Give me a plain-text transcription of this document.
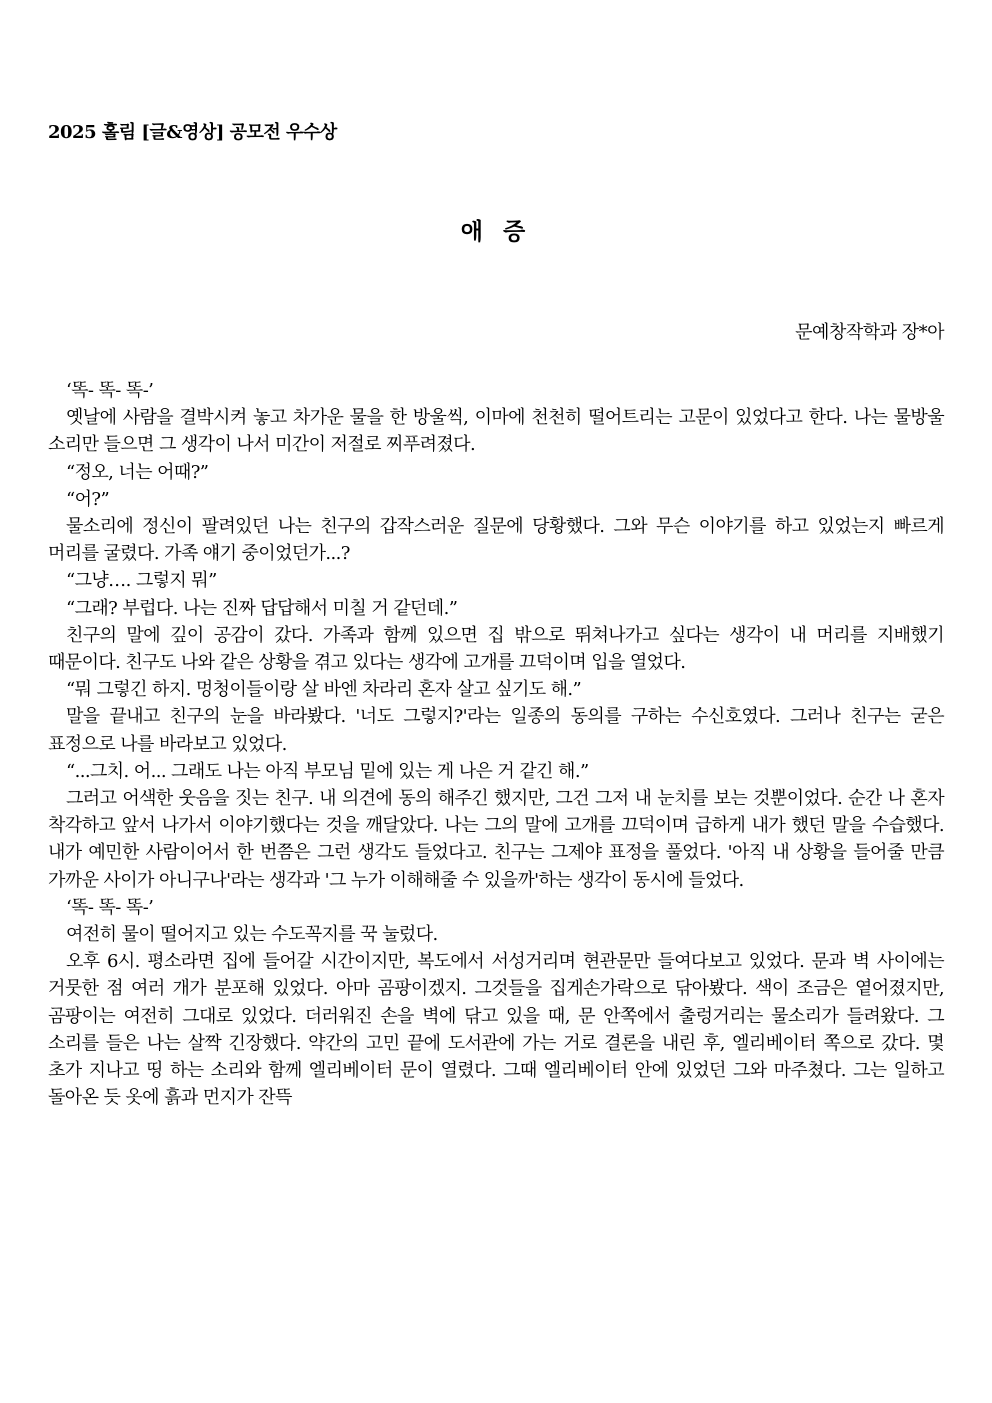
2025 홀림 [글&영상] 공모전 우수상
애 증
문예창작학과 장*아

‘똑- 똑- 똑-’

옛날에 사람을 결박시켜 놓고 차가운 물을 한 방울씩, 이마에 천천히 떨어트리는 고문이 있었다고 한다. 나는 물방울 소리만 들으면 그 생각이 나서 미간이 저절로 찌푸려졌다.

“정오, 너는 어때?”

“어?”

물소리에 정신이 팔려있던 나는 친구의 갑작스러운 질문에 당황했다. 그와 무슨 이야기를 하고 있었는지 빠르게 머리를 굴렸다. 가족 얘기 중이었던가...?

“그냥…. 그렇지 뭐”

“그래? 부럽다. 나는 진짜 답답해서 미칠 거 같던데.”

친구의 말에 깊이 공감이 갔다. 가족과 함께 있으면 집 밖으로 뛰쳐나가고 싶다는 생각이 내 머리를 지배했기 때문이다. 친구도 나와 같은 상황을 겪고 있다는 생각에 고개를 끄덕이며 입을 열었다.

“뭐 그렇긴 하지. 멍청이들이랑 살 바엔 차라리 혼자 살고 싶기도 해.”

말을 끝내고 친구의 눈을 바라봤다. '너도 그렇지?'라는 일종의 동의를 구하는 수신호였다. 그러나 친구는 굳은 표정으로 나를 바라보고 있었다.

“...그치. 어... 그래도 나는 아직 부모님 밑에 있는 게 나은 거 같긴 해.”

그러고 어색한 웃음을 짓는 친구. 내 의견에 동의 해주긴 했지만, 그건 그저 내 눈치를 보는 것뿐이었다. 순간 나 혼자 착각하고 앞서 나가서 이야기했다는 것을 깨달았다. 나는 그의 말에 고개를 끄덕이며 급하게 내가 했던 말을 수습했다. 내가 예민한 사람이어서 한 번쯤은 그런 생각도 들었다고. 친구는 그제야 표정을 풀었다. '아직 내 상황을 들어줄 만큼 가까운 사이가 아니구나'라는 생각과 '그 누가 이해해줄 수 있을까'하는 생각이 동시에 들었다.

‘똑- 똑- 똑-’

여전히 물이 떨어지고 있는 수도꼭지를 꾹 눌렀다.

오후 6시. 평소라면 집에 들어갈 시간이지만, 복도에서 서성거리며 현관문만 들여다보고 있었다. 문과 벽 사이에는 거뭇한 점 여러 개가 분포해 있었다. 아마 곰팡이겠지. 그것들을 집게손가락으로 닦아봤다. 색이 조금은 옅어졌지만, 곰팡이는 여전히 그대로 있었다. 더러워진 손을 벽에 닦고 있을 때, 문 안쪽에서 출렁거리는 물소리가 들려왔다. 그 소리를 들은 나는 살짝 긴장했다. 약간의 고민 끝에 도서관에 가는 거로 결론을 내린 후, 엘리베이터 쪽으로 갔다. 몇 초가 지나고 띵 하는 소리와 함께 엘리베이터 문이 열렸다. 그때 엘리베이터 안에 있었던 그와 마주쳤다. 그는 일하고 돌아온 듯 옷에 흙과 먼지가 잔뜩
